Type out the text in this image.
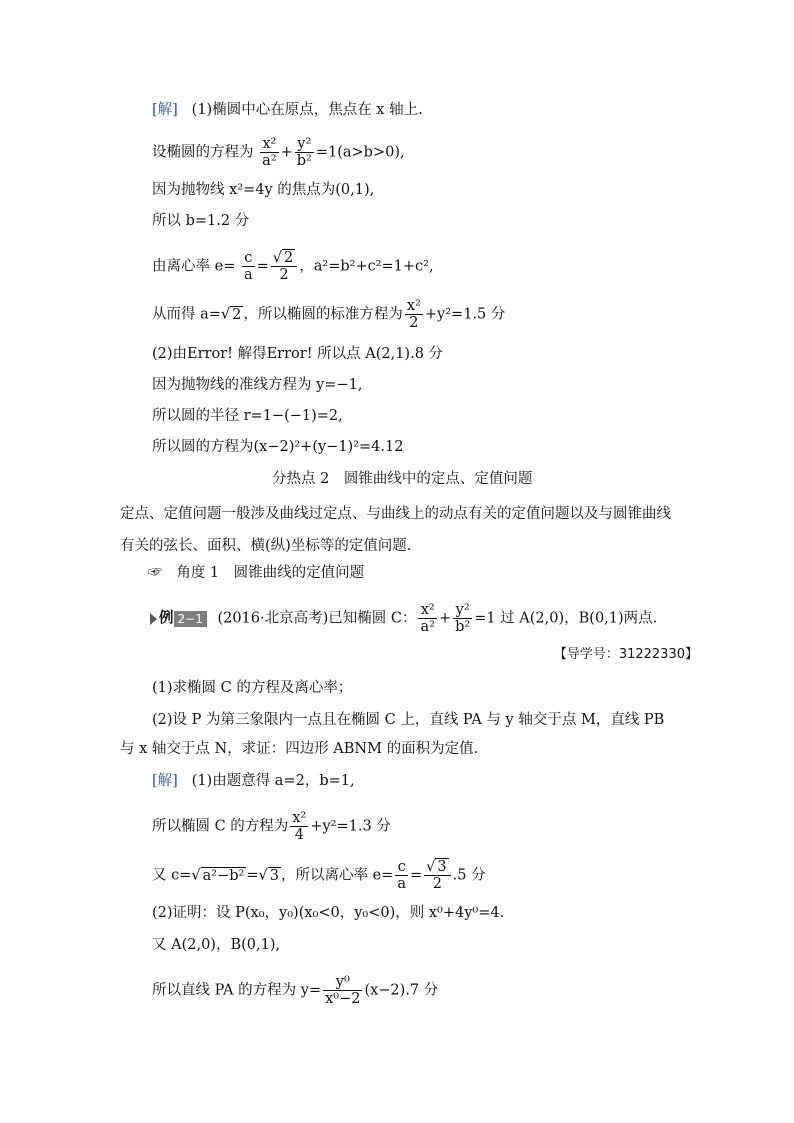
[解] (1)椭圆中心在原点，焦点在 x 轴上.
设椭圆的方程为 $\frac{\text{x²}}{\text{a²}} + \frac{\text{y²}}{\text{b²}} =1(a>b>0)$,
因为抛物线 x²=4y 的焦点为(0,1),
所以 b=1.2 分
由离心率 $e= \frac{c}{a} = \frac{√ 2}{2}$ ，a²=b²+c²=1+c²,
从而得 a=√ 2 ，所以椭圆的标准方程为 $\frac{\text{x²}}{2} +y^2=1.5$ 分
(2)由Error! 解得Error! 所以点 A(2,1).8 分
因为抛物线的准线方程为 y=−1,
所以圆的半径 r=1−(−1)=2,
所以圆的方程为(x−2)²+(y−1)²=4.12
分热点 2　圆锥曲线中的定点、定值问题
定点、定值问题一般涉及曲线过定点、与曲线上的动点有关的定值问题以及与圆锥曲线有关的弦长、面积、横(纵)坐标等的定值问题.
☞ 角度 1　圆锥曲线的定值问题
例 2−1 (2016·北京高考)已知椭圆 C： $\frac{\text{x²}}{\text{a²}} + \frac{\text{y²}}{\text{b²}} =1$ 过 A(2,0)，B(0,1)两点.
【导学号：31222330】
(1)求椭圆 C 的方程及离心率；
(2)设 P 为第三象限内一点且在椭圆 C 上，直线 PA 与 y 轴交于点 M，直线 PB
与 x 轴交于点 N，求证：四边形 ABNM 的面积为定值.
[解] (1)由题意得 a=2，b=1,
所以椭圆 C 的方程为 $\frac{\text{x²}}{4} +y^2=1.3$ 分
又 c=√ a²−b² =√ 3 ，所以离心率 $e= \frac{c}{a} = \frac{√ 3}{2} .5$ 分
(2)证明：设 P(x₀，y₀)(x₀<0，y₀<0)，则 x⁰+4y⁰=4.
又 A(2,0)，B(0,1),
所以直线 PA 的方程为 $y= \frac{\text{y⁰}}{\text{x⁰−2}} (x-2).7$ 分
